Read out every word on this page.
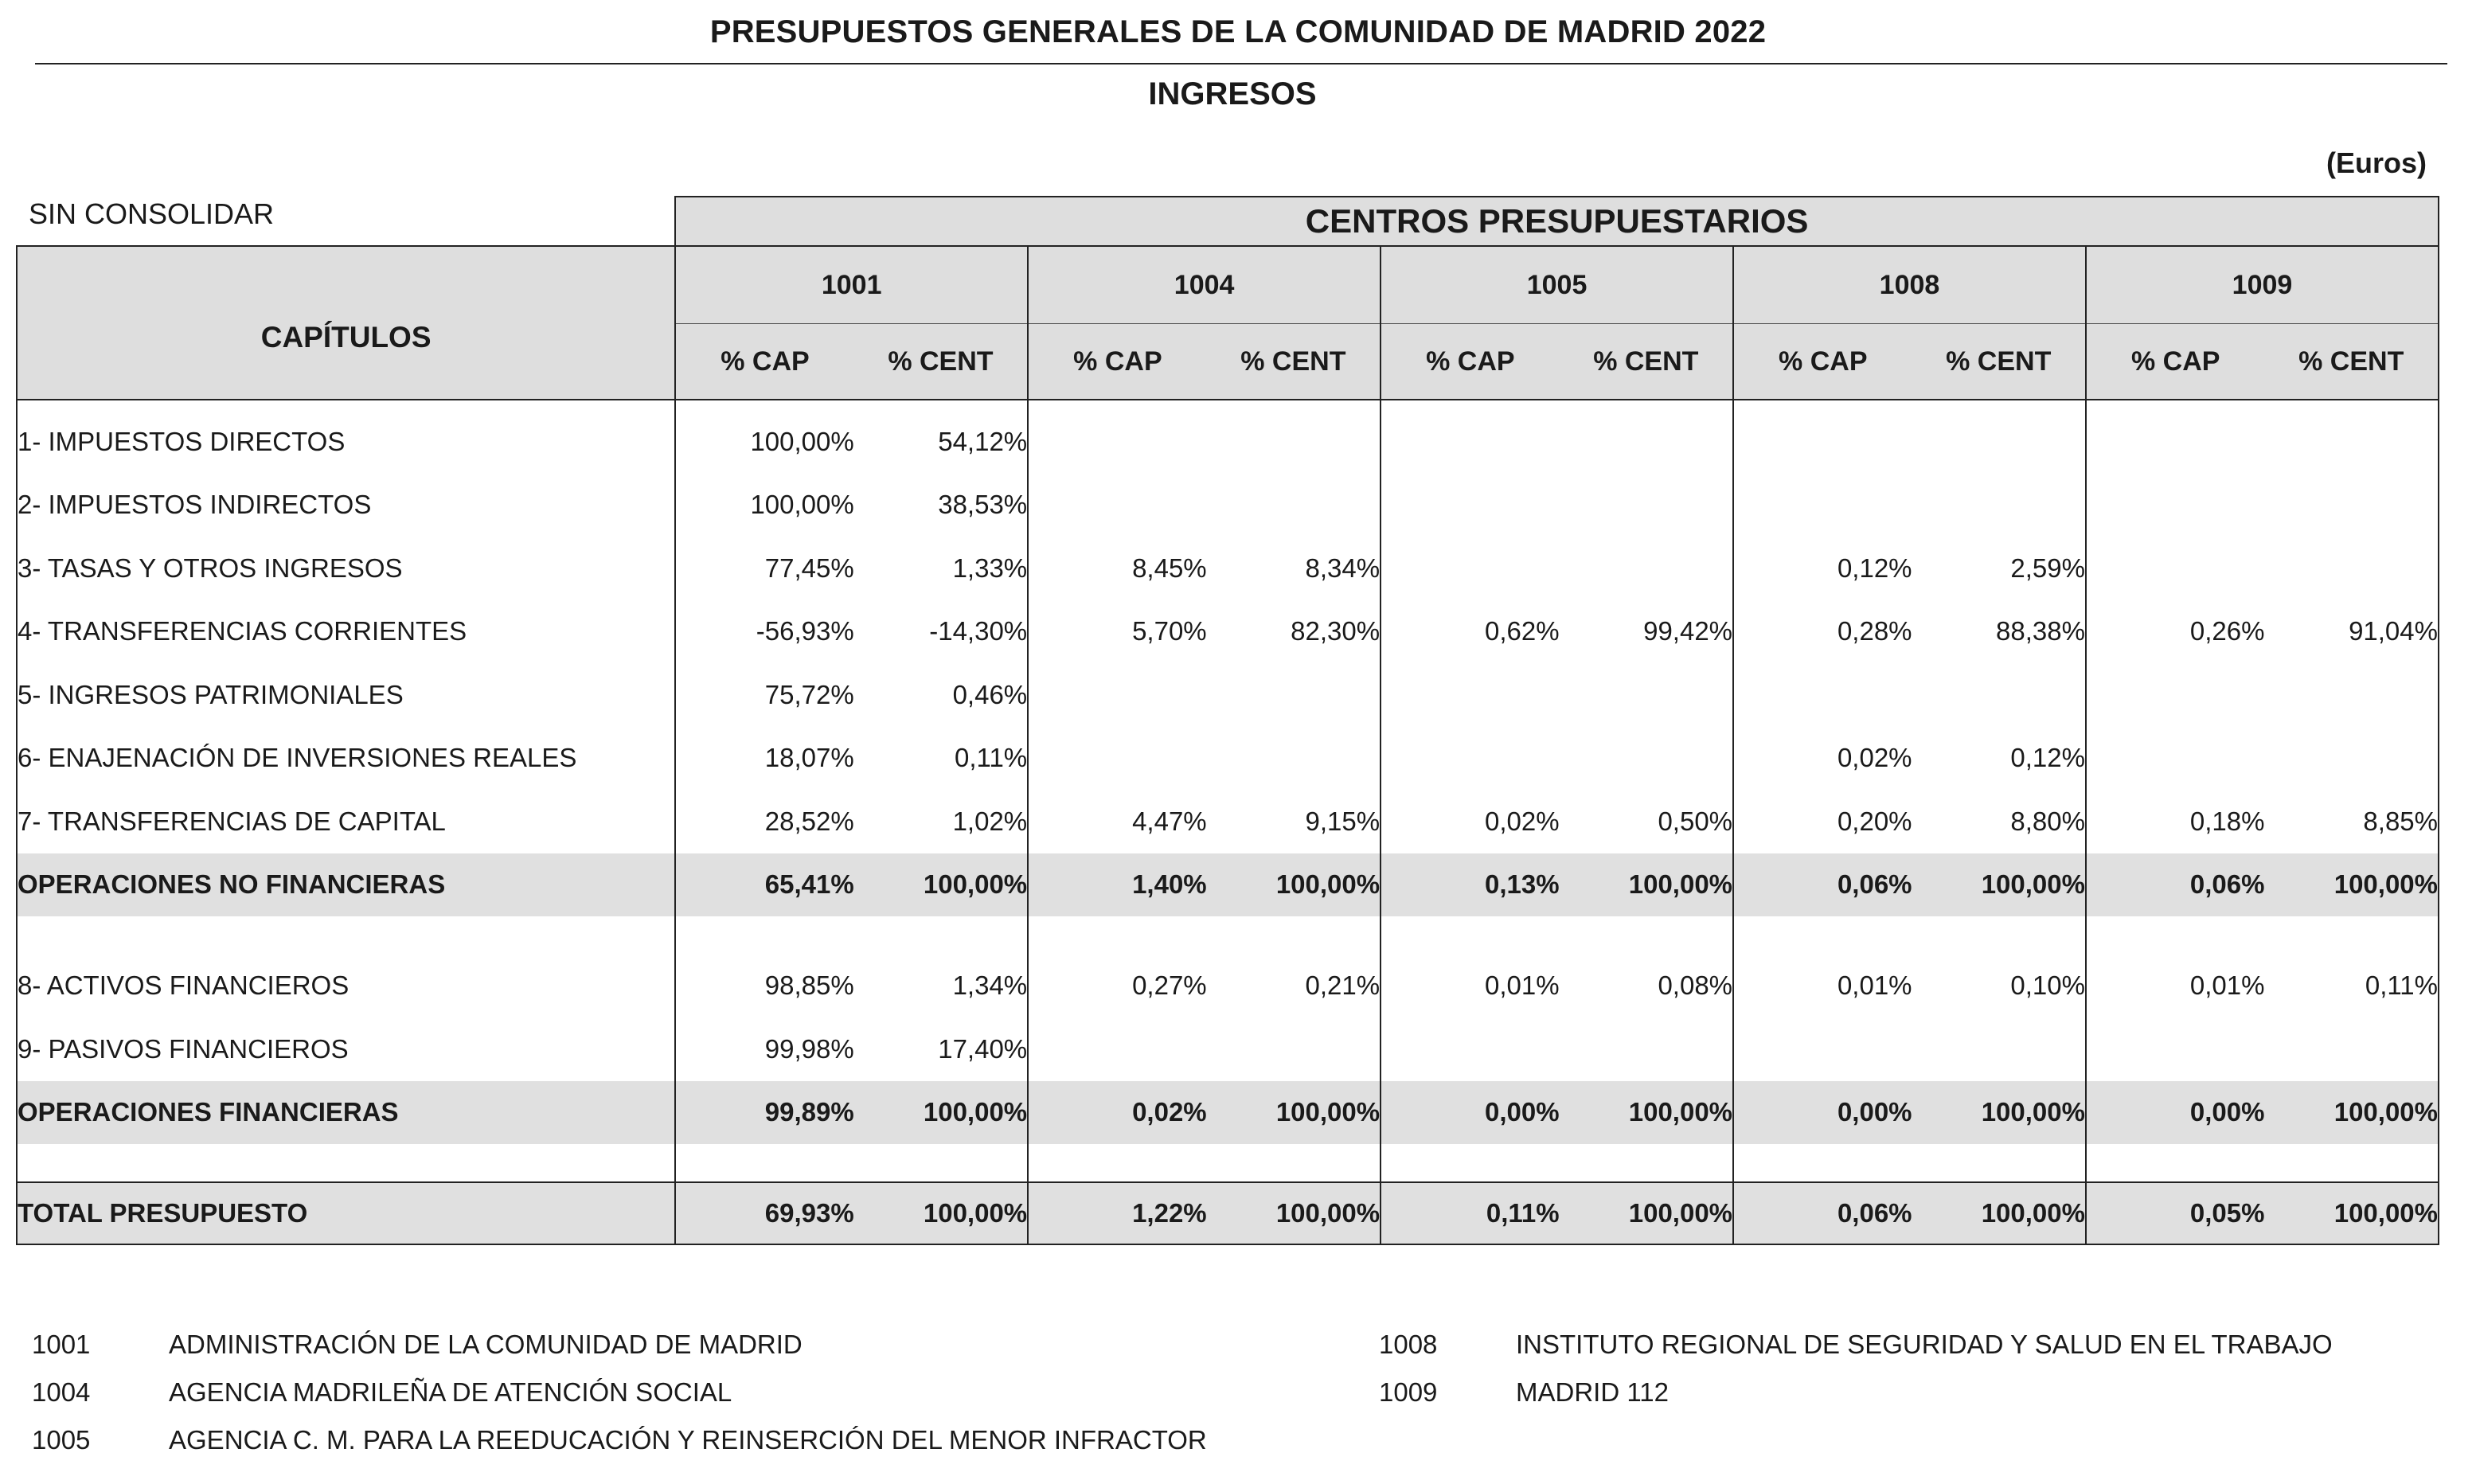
PRESUPUESTOS GENERALES DE LA COMUNIDAD DE MADRID 2022
INGRESOS
(Euros)
SIN CONSOLIDAR
		CENTROS PRESUPUESTARIOS									
CAPÍTULOS	1001		1004		1005		1008		1009	
	% CAP	% CENT	% CAP	% CENT	% CAP	% CENT	% CAP	% CENT	% CAP	% CENT
1- IMPUESTOS DIRECTOS	100,00%	54,12%								
2- IMPUESTOS INDIRECTOS	100,00%	38,53%								
3- TASAS Y OTROS INGRESOS	77,45%	1,33%	8,45%	8,34%			0,12%	2,59%		
4- TRANSFERENCIAS CORRIENTES	-56,93%	-14,30%	5,70%	82,30%	0,62%	99,42%	0,28%	88,38%	0,26%	91,04%
5- INGRESOS PATRIMONIALES	75,72%	0,46%								
6- ENAJENACIÓN DE INVERSIONES REALES	18,07%	0,11%					0,02%	0,12%		
7- TRANSFERENCIAS DE CAPITAL	28,52%	1,02%	4,47%	9,15%	0,02%	0,50%	0,20%	8,80%	0,18%	8,85%
OPERACIONES NO FINANCIERAS	65,41%	100,00%	1,40%	100,00%	0,13%	100,00%	0,06%	100,00%	0,06%	100,00%

8- ACTIVOS FINANCIEROS	98,85%	1,34%	0,27%	0,21%	0,01%	0,08%	0,01%	0,10%	0,01%	0,11%
9- PASIVOS FINANCIEROS	99,98%	17,40%								
OPERACIONES FINANCIERAS	99,89%	100,00%	0,02%	100,00%	0,00%	100,00%	0,00%	100,00%	0,00%	100,00%

TOTAL PRESUPUESTO	69,93%	100,00%	1,22%	100,00%	0,11%	100,00%	0,06%	100,00%	0,05%	100,00%
1001	ADMINISTRACIÓN DE LA COMUNIDAD DE MADRID
1004	AGENCIA MADRILEÑA DE ATENCIÓN SOCIAL
1005	AGENCIA C. M. PARA LA REEDUCACIÓN Y REINSERCIÓN DEL MENOR INFRACTOR
1008	INSTITUTO REGIONAL DE SEGURIDAD Y SALUD EN EL TRABAJO
1009	MADRID 112
